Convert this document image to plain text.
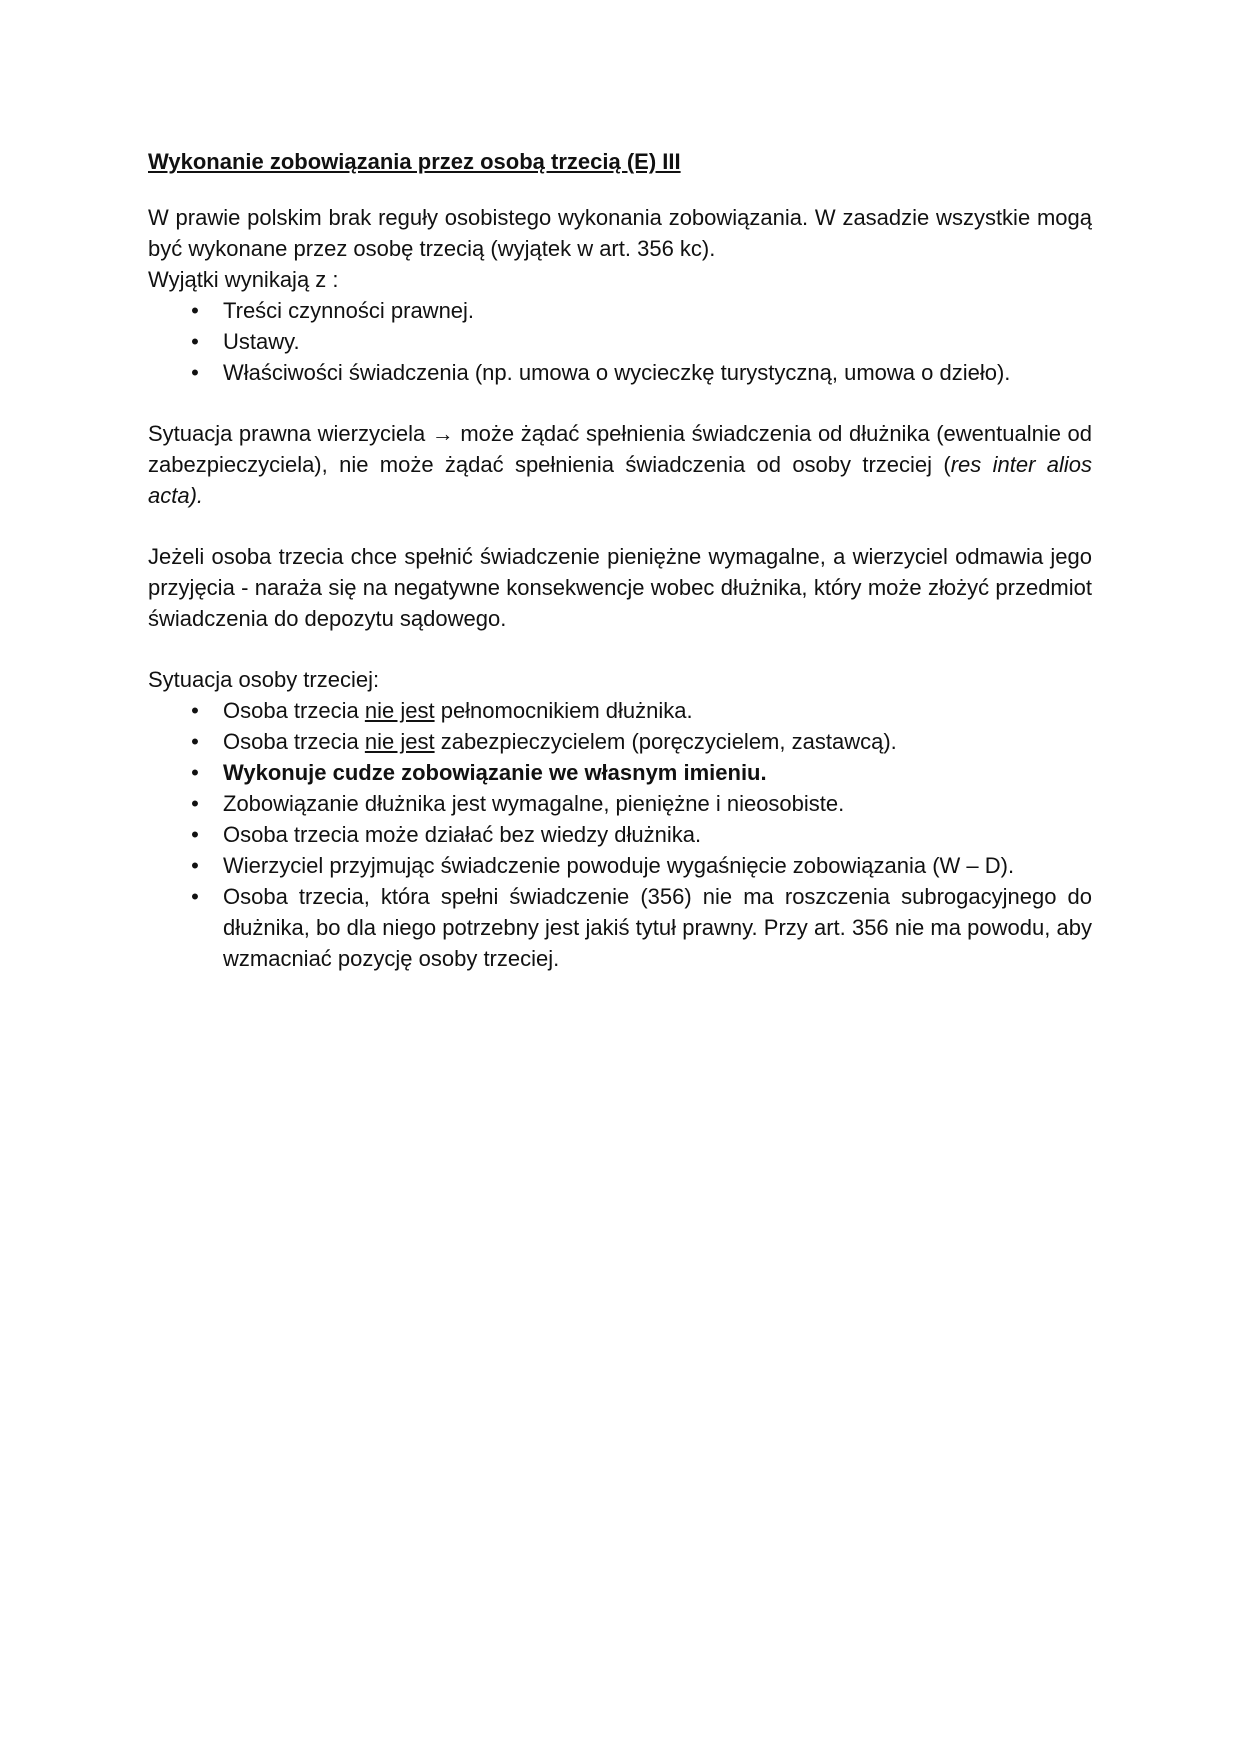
Wykonanie zobowiązania przez osobą trzecią (E) III

W prawie polskim brak reguły osobistego wykonania zobowiązania. W zasadzie wszystkie mogą być wykonane przez osobę trzecią (wyjątek w art. 356 kc).

Wyjątki wynikają z :

• Treści czynności prawnej.
• Ustawy.
• Właściwości świadczenia (np. umowa o wycieczkę turystyczną, umowa o dzieło).

Sytuacja prawna wierzyciela → może żądać spełnienia świadczenia od dłużnika (ewentualnie od zabezpieczyciela), nie może żądać spełnienia świadczenia od osoby trzeciej (res inter alios acta).

Jeżeli osoba trzecia chce spełnić świadczenie pieniężne wymagalne, a wierzyciel odmawia jego przyjęcia - naraża się na negatywne konsekwencje wobec dłużnika, który może złożyć przedmiot świadczenia do depozytu sądowego.

Sytuacja osoby trzeciej:

• Osoba trzecia nie jest pełnomocnikiem dłużnika.
• Osoba trzecia nie jest zabezpieczycielem (poręczycielem, zastawcą).
• Wykonuje cudze zobowiązanie we własnym imieniu.
• Zobowiązanie dłużnika jest wymagalne, pieniężne i nieosobiste.
• Osoba trzecia może działać bez wiedzy dłużnika.
• Wierzyciel przyjmując świadczenie powoduje wygaśnięcie zobowiązania (W – D).
• Osoba trzecia, która spełni świadczenie (356) nie ma roszczenia subrogacyjnego do dłużnika, bo dla niego potrzebny jest jakiś tytuł prawny. Przy art. 356 nie ma powodu, aby wzmacniać pozycję osoby trzeciej.
